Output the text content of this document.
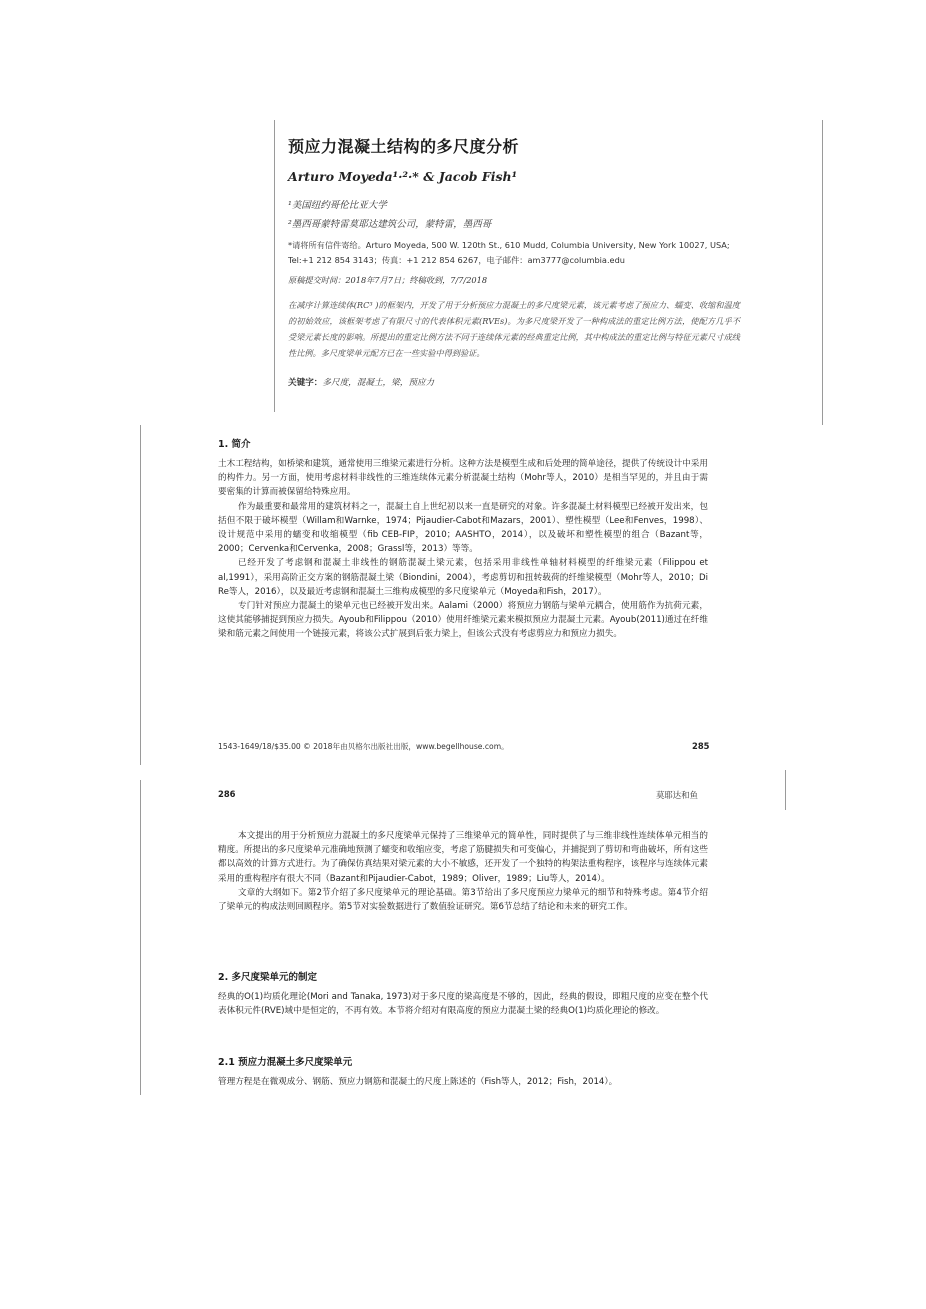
预应力混凝土结构的多尺度分析
Arturo Moyeda¹·²·* & Jacob Fish¹
¹美国纽约哥伦比亚大学
²墨西哥蒙特雷莫耶达建筑公司，蒙特雷，墨西哥
*请将所有信件寄给。Arturo Moyeda, 500 W. 120th St., 610 Mudd, Columbia University, New York 10027, USA; Tel:+1 212 854 3143；传真：+1 212 854 6267，电子邮件：am3777@columbia.edu
原稿提交时间：2018年7月7日；终稿收到，7/7/2018
在减序计算连续体(RC³ )的框架内，开发了用于分析预应力混凝土的多尺度梁元素，该元素考虑了预应力、蠕变、收缩和温度的初始效应，该框架考虑了有限尺寸的代表体积元素(RVEs)。为多尺度梁开发了一种构成法的重定比例方法，使配方几乎不受梁元素长度的影响。所提出的重定比例方法不同于连续体元素的经典重定比例，其中构成法的重定比例与特征元素尺寸成线性比例。多尺度梁单元配方已在一些实验中得到验证。
关键字：多尺度，混凝土，梁，预应力
1. 简介

土木工程结构，如桥梁和建筑，通常使用三维梁元素进行分析。这种方法是模型生成和后处理的简单途径，提供了传统设计中采用的构件力。另一方面，使用考虑材料非线性的三维连续体元素分析混凝土结构（Mohr等人，2010）是相当罕见的，并且由于需要密集的计算而被保留给特殊应用。

作为最重要和最常用的建筑材料之一，混凝土自上世纪初以来一直是研究的对象。许多混凝土材料模型已经被开发出来，包括但不限于破坏模型（Willam和Warnke，1974；Pijaudier-Cabot和Mazars，2001）、塑性模型（Lee和Fenves，1998）、设计规范中采用的蠕变和收缩模型（fib CEB-FIP，2010；AASHTO，2014），以及破坏和塑性模型的组合（Bazant等，2000；Cervenka和Cervenka，2008；Grassl等，2013）等等。

已经开发了考虑钢和混凝土非线性的钢筋混凝土梁元素，包括采用非线性单轴材料模型的纤维梁元素（Filippou et al,1991），采用高阶正交方案的钢筋混凝土梁（Biondini，2004），考虑剪切和扭转载荷的纤维梁模型（Mohr等人，2010；Di Re等人，2016），以及最近考虑钢和混凝土三维构成模型的多尺度梁单元（Moyeda和Fish，2017）。

专门针对预应力混凝土的梁单元也已经被开发出来。Aalami（2000）将预应力钢筋与梁单元耦合，使用筋作为抗荷元素，这使其能够捕捉到预应力损失。Ayoub和Filippou（2010）使用纤维梁元素来模拟预应力混凝土元素。Ayoub(2011)通过在纤维梁和筋元素之间使用一个链接元素，将该公式扩展到后张力梁上，但该公式没有考虑剪应力和预应力损失。

1543-1649/18/$35.00 © 2018年由贝格尔出版社出版，www.begellhouse.com。	285
286	莫耶达和鱼

本文提出的用于分析预应力混凝土的多尺度梁单元保持了三维梁单元的简单性，同时提供了与三维非线性连续体单元相当的精度。所提出的多尺度梁单元准确地预测了蠕变和收缩应变，考虑了筋腱损失和可变偏心，并捕捉到了剪切和弯曲破坏，所有这些都以高效的计算方式进行。为了确保仿真结果对梁元素的大小不敏感，还开发了一个独特的构架法重构程序，该程序与连续体元素采用的重构程序有很大不同（Bazant和Pijaudier-Cabot，1989；Oliver，1989；Liu等人，2014）。

文章的大纲如下。第2节介绍了多尺度梁单元的理论基础。第3节给出了多尺度预应力梁单元的细节和特殊考虑。第4节介绍了梁单元的构成法则回顾程序。第5节对实验数据进行了数值验证研究。第6节总结了结论和未来的研究工作。

2. 多尺度梁单元的制定

经典的O(1)均质化理论(Mori and Tanaka, 1973)对于多尺度的梁高度是不够的，因此，经典的假设，即粗尺度的应变在整个代表体积元件(RVE)域中是恒定的，不再有效。本节将介绍对有限高度的预应力混凝土梁的经典O(1)均质化理论的修改。

2.1 预应力混凝土多尺度梁单元

管理方程是在微观成分、钢筋、预应力钢筋和混凝土的尺度上陈述的（Fish等人，2012；Fish，2014）。
